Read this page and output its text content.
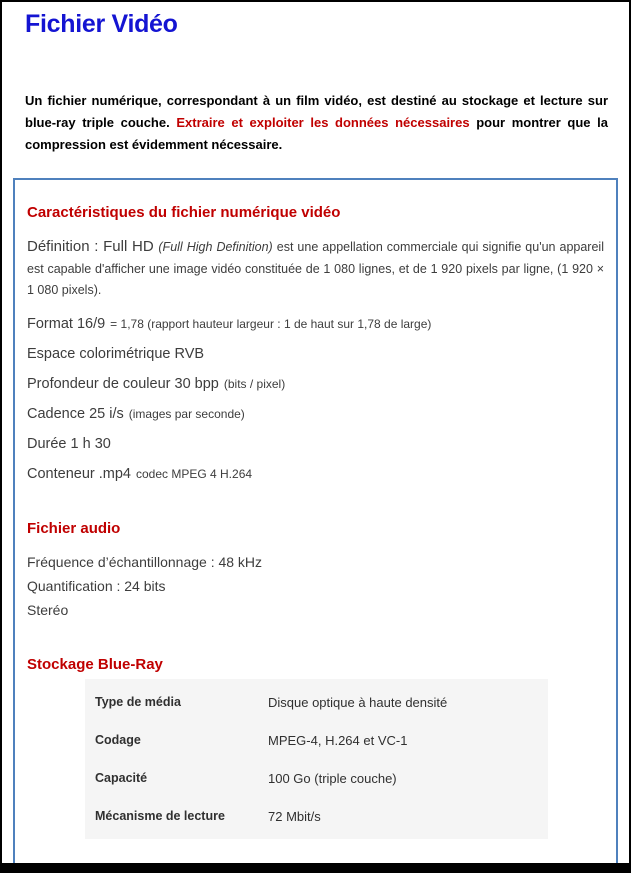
Fichier Vidéo

Un fichier numérique, correspondant à un film vidéo, est destiné au stockage et lecture sur blue-ray triple couche. Extraire et exploiter les données nécessaires pour montrer que la compression est évidemment nécessaire.

Caractéristiques du fichier numérique vidéo

Définition : Full HD (Full High Definition) est une appellation commerciale qui signifie qu'un appareil est capable d'afficher une image vidéo constituée de 1 080 lignes, et de 1 920 pixels par ligne, (1 920 × 1 080 pixels).

Format 16/9 = 1,78 (rapport hauteur largeur : 1 de haut sur 1,78 de large)
Espace colorimétrique RVB
Profondeur de couleur 30 bpp (bits / pixel)
Cadence 25 i/s (images par seconde)
Durée 1 h 30
Conteneur .mp4 codec MPEG 4 H.264
Fichier audio
Fréquence d’échantillonnage : 48 kHz
Quantification : 24 bits
Steréo
Stockage Blue-Ray
Type de média	Disque optique à haute densité
Codage	MPEG-4, H.264 et VC-1
Capacité	100 Go (triple couche)
Mécanisme de lecture	72 Mbit/s
